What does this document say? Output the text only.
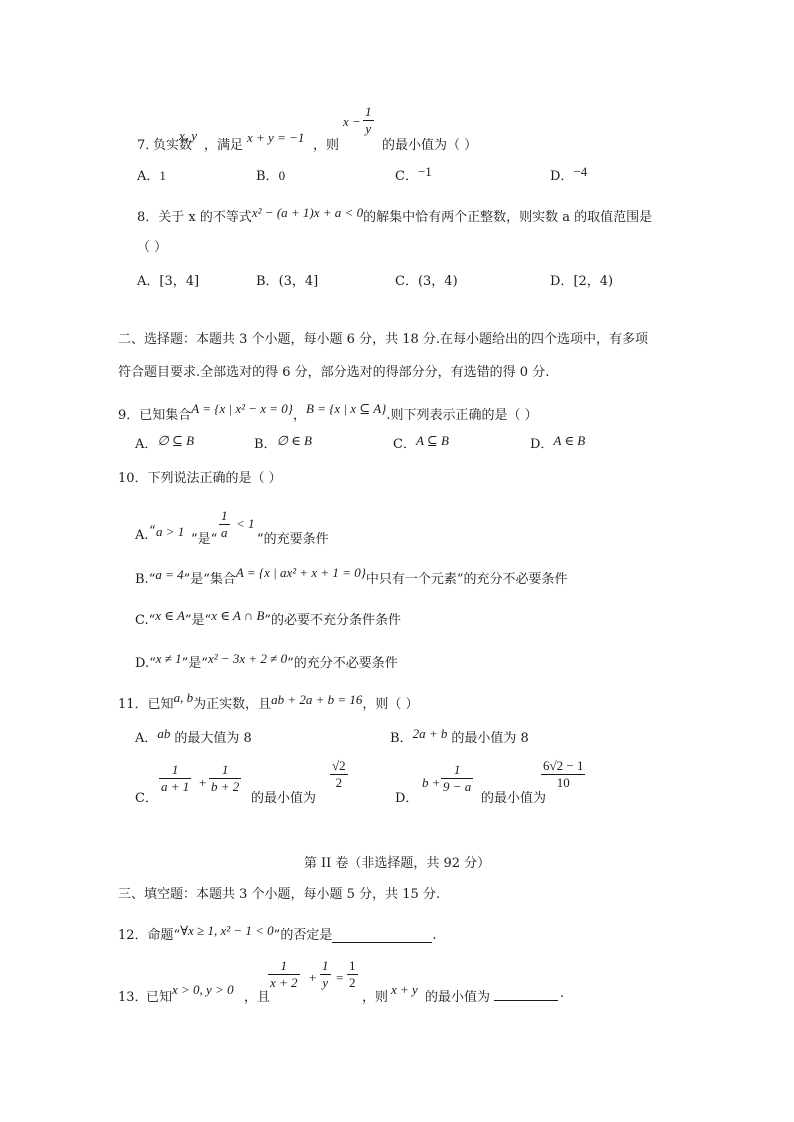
7．
负实数
x, y
，满足
x + y = −1
，则
x −
1
y
的最小值为（ ）
A．1	B．0	C．−1	D．−4
8．关于 x 的不等式x² − (a + 1)x + a < 0的解集中恰有两个正整数，则实数 a 的取值范围是
（ ）
A．[3，4]	B．(3，4]	C．(3，4)	D．[2，4)
二、选择题：本题共 3 个小题，每小题 6 分，共 18 分.在每小题给出的四个选项中，有多项
符合题目要求.全部选对的得 6 分，部分选对的得部分分，有选错的得 0 分.
9．已知集合A = {x | x² − x = 0}，B = {x | x ⊆ A}.则下列表示正确的是（ ）
A．∅ ⊆ B	B．∅ ∈ B	C．A ⊆ B	D．A ∈ B
10．下列说法正确的是（ ）
A. “ a > 1
”是“
1
a
< 1
”的充要条件
B.“a = 4”是“集合A = {x | ax² + x + 1 = 0}中只有一个元素”的充分不必要条件
C.“x ∈ A”是“x ∈ A ∩ B”的必要不充分条件条件
D.“x ≠ 1”是“x² − 3x + 2 ≠ 0”的充分不必要条件
11．已知a, b为正实数，且ab + 2a + b = 16，则（ ）
A．ab 的最大值为 8	B．2a + b 的最小值为 8
C．
1
a + 1 +
1
b + 2
的最小值为
√2
2
D．
b +
1
9 − a
的最小值为
6√2 − 1
10
第 II 卷（非选择题，共 92 分）
三、填空题：本题共 3 个小题，每小题 5 分，共 15 分.
12．命题“∀x ≥ 1, x² − 1 < 0”的否定是	.
13．
x > 0, y > 0
已知	，且
1
x + 2 +
1
y =
1
2
，则
x + y
的最小值为	.
